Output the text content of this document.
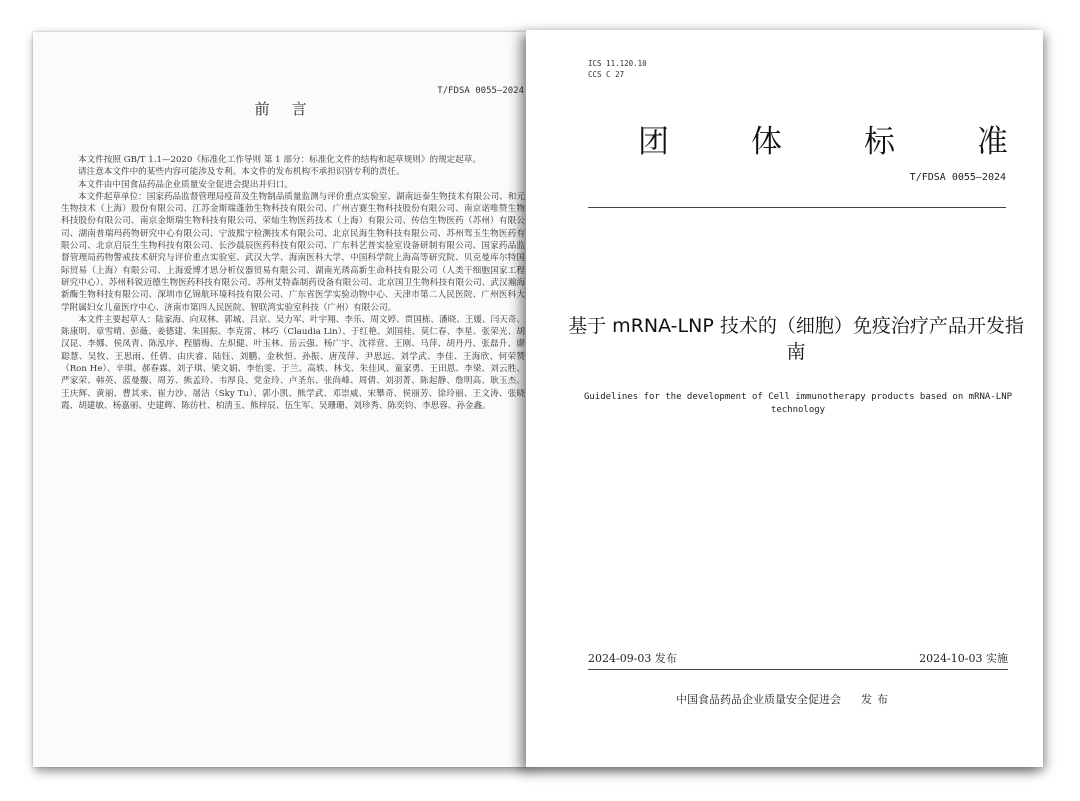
T/FDSA 0055—2024
前言

本文件按照 GB/T 1.1—2020《标准化工作导则 第 1 部分：标准化文件的结构和起草规则》的规定起草。

请注意本文件中的某些内容可能涉及专利。本文件的发布机构不承担识别专利的责任。

本文件由中国食品药品企业质量安全促进会提出并归口。

本文件起草单位：国家药品监督管理局疫苗及生物制品质量监测与评价重点实验室、湖南远泰生物技术有限公司、和元生物技术（上海）股份有限公司、江苏金斯瑞蓬勃生物科技有限公司、广州吉赛生物科技股份有限公司、南京诺唯赞生物科技股份有限公司、南京金斯瑞生物科技有限公司、荣灿生物医药技术（上海）有限公司、传信生物医药（苏州）有限公司、湖南普瑞玛药物研究中心有限公司、宁波熙宁检测技术有限公司、北京民海生物科技有限公司、苏州驾玉生物医药有限公司、北京启辰生生物科技有限公司、长沙晨辰医药科技有限公司、广东科艺普实验室设备研制有限公司、国家药品监督管理局药物警戒技术研究与评价重点实验室、武汉大学、海南医科大学、中国科学院上海高等研究院、贝克曼库尔特国际贸易（上海）有限公司、上海爱博才思分析仪器贸易有限公司、湖南光琇高新生命科技有限公司（人类干细胞国家工程研究中心）、苏州科锐迈德生物医药科技有限公司、苏州艾特森制药设备有限公司、北京国卫生物科技有限公司、武汉瀚海新酶生物科技有限公司、深圳市亿锦航环境科技有限公司、广东省医学实验动物中心、天津市第二人民医院、广州医科大学附属妇女儿童医疗中心、济南市第四人民医院、智联湾实验室科技（广州）有限公司。

本文件主要起草人：陆家海、向双林、郭城、吕京、吴力军、叶宇翔、李乐、周文婷、贾国栋、潘晓、王媛、闫天奇、陈康明、章雪晴、彭薇、姜德建、朱国振、李克雷、林巧（Claudia Lin）、于红艳、刘国桂、莫仁春、李星、张荣光、胡汉昆、李娜、侯凤青、陈泓序、程腊梅、左炽健、叶玉林、岳云强、杨广宇、沈祥营、王刚、马萍、胡丹丹、张磊升、廖聪慧、吴牧、王思雨、任倩、由庆睿、陆钰、刘鹏、金秋恒、孙振、唐茂萍、尹思远、刘学武、李佳、王海欣、何荣赞（Ron He）、辛琪、郝春霖、刘子琪、梁文娟、李怡雯、于兰、高轶、林戈、朱佳风、童家勇、王田恩、李梁、刘云胜、严家荣、韩英、蓝曼馥、周芳、熊孟玲、韦厚良、党金玲、卢圣东、张尚峰、周倩、刘羽菁、陈起静、詹明高、耿玉杰、王庆辉、黄丽、曹其来、崔力沙、屠洁（Sky Tu）、郭小凯、熊学武、邓崇威、宋攀奇、侯丽芳、徐玲丽、王文涛、张晓霞、胡建敏、杨嘉丽、史建辉、陈彷杜、柏清玉、熊梓辰、伍生军、吴珊珊、刘珍秀、陈奕钧、李思蓉、孙金鑫。

ICS 11.120.10
CCS C 27
团	体	标	准
T/FDSA 0055—2024
基于 mRNA-LNP 技术的（细胞）免疫治疗产品开发指南
Guidelines for the development of Cell immunotherapy products based on mRNA-LNP technology
2024-09-03 发布	2024-10-03 实施
中国食品药品企业质量安全促进会 发布
